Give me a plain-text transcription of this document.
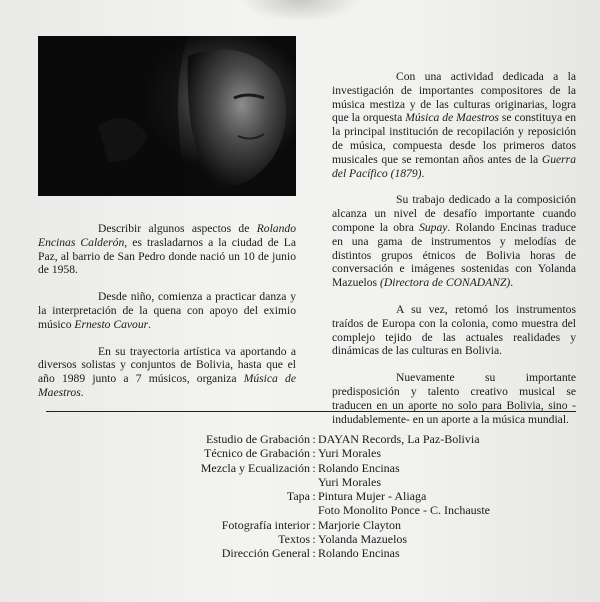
Describir algunos aspectos de Rolando Encinas Calderón, es trasladarnos a la ciudad de La Paz, al barrio de San Pedro donde nació un 10 de junio de 1958.

Desde niño, comienza a practicar danza y la interpretación de la quena con apoyo del eximio músico Ernesto Cavour.

En su trayectoria artística va aportando a diversos solistas y conjuntos de Bolivia, hasta que el año 1989 junto a 7 músicos, organiza Música de Maestros.

Con una actividad dedicada a la investigación de importantes compositores de la música mestiza y de las culturas originarias, logra que la orquesta Música de Maestros se constituya en la principal institución de recopilación y reposición de música, compuesta desde los primeros datos musicales que se remontan años antes de la Guerra del Pacífico (1879).

Su trabajo dedicado a la composición alcanza un nivel de desafío importante cuando compone la obra Supay. Rolando Encinas traduce en una gama de instrumentos y melodías de distintos grupos étnicos de Bolivia horas de conversación e imágenes sostenidas con Yolanda Mazuelos (Directora de CONADANZ).

A su vez, retomó los instrumentos traídos de Europa con la colonia, como muestra del complejo tejido de las actuales realidades y dinámicas de las culturas en Bolivia.

Nuevamente su importante predisposición y talento creativo musical se traducen en un aporte no solo para Bolivia, sino -indudablemente- en un aporte a la música mundial.

Estudio de Grabación : DAYAN Records, La Paz-Bolivia
Técnico de Grabación : Yuri Morales
Mezcla y Ecualización : Rolando Encinas
Yuri Morales
Tapa : Pintura Mujer - Aliaga
Foto Monolito Ponce - C. Inchauste
Fotografía interior : Marjorie Clayton
Textos : Yolanda Mazuelos
Dirección General : Rolando Encinas
